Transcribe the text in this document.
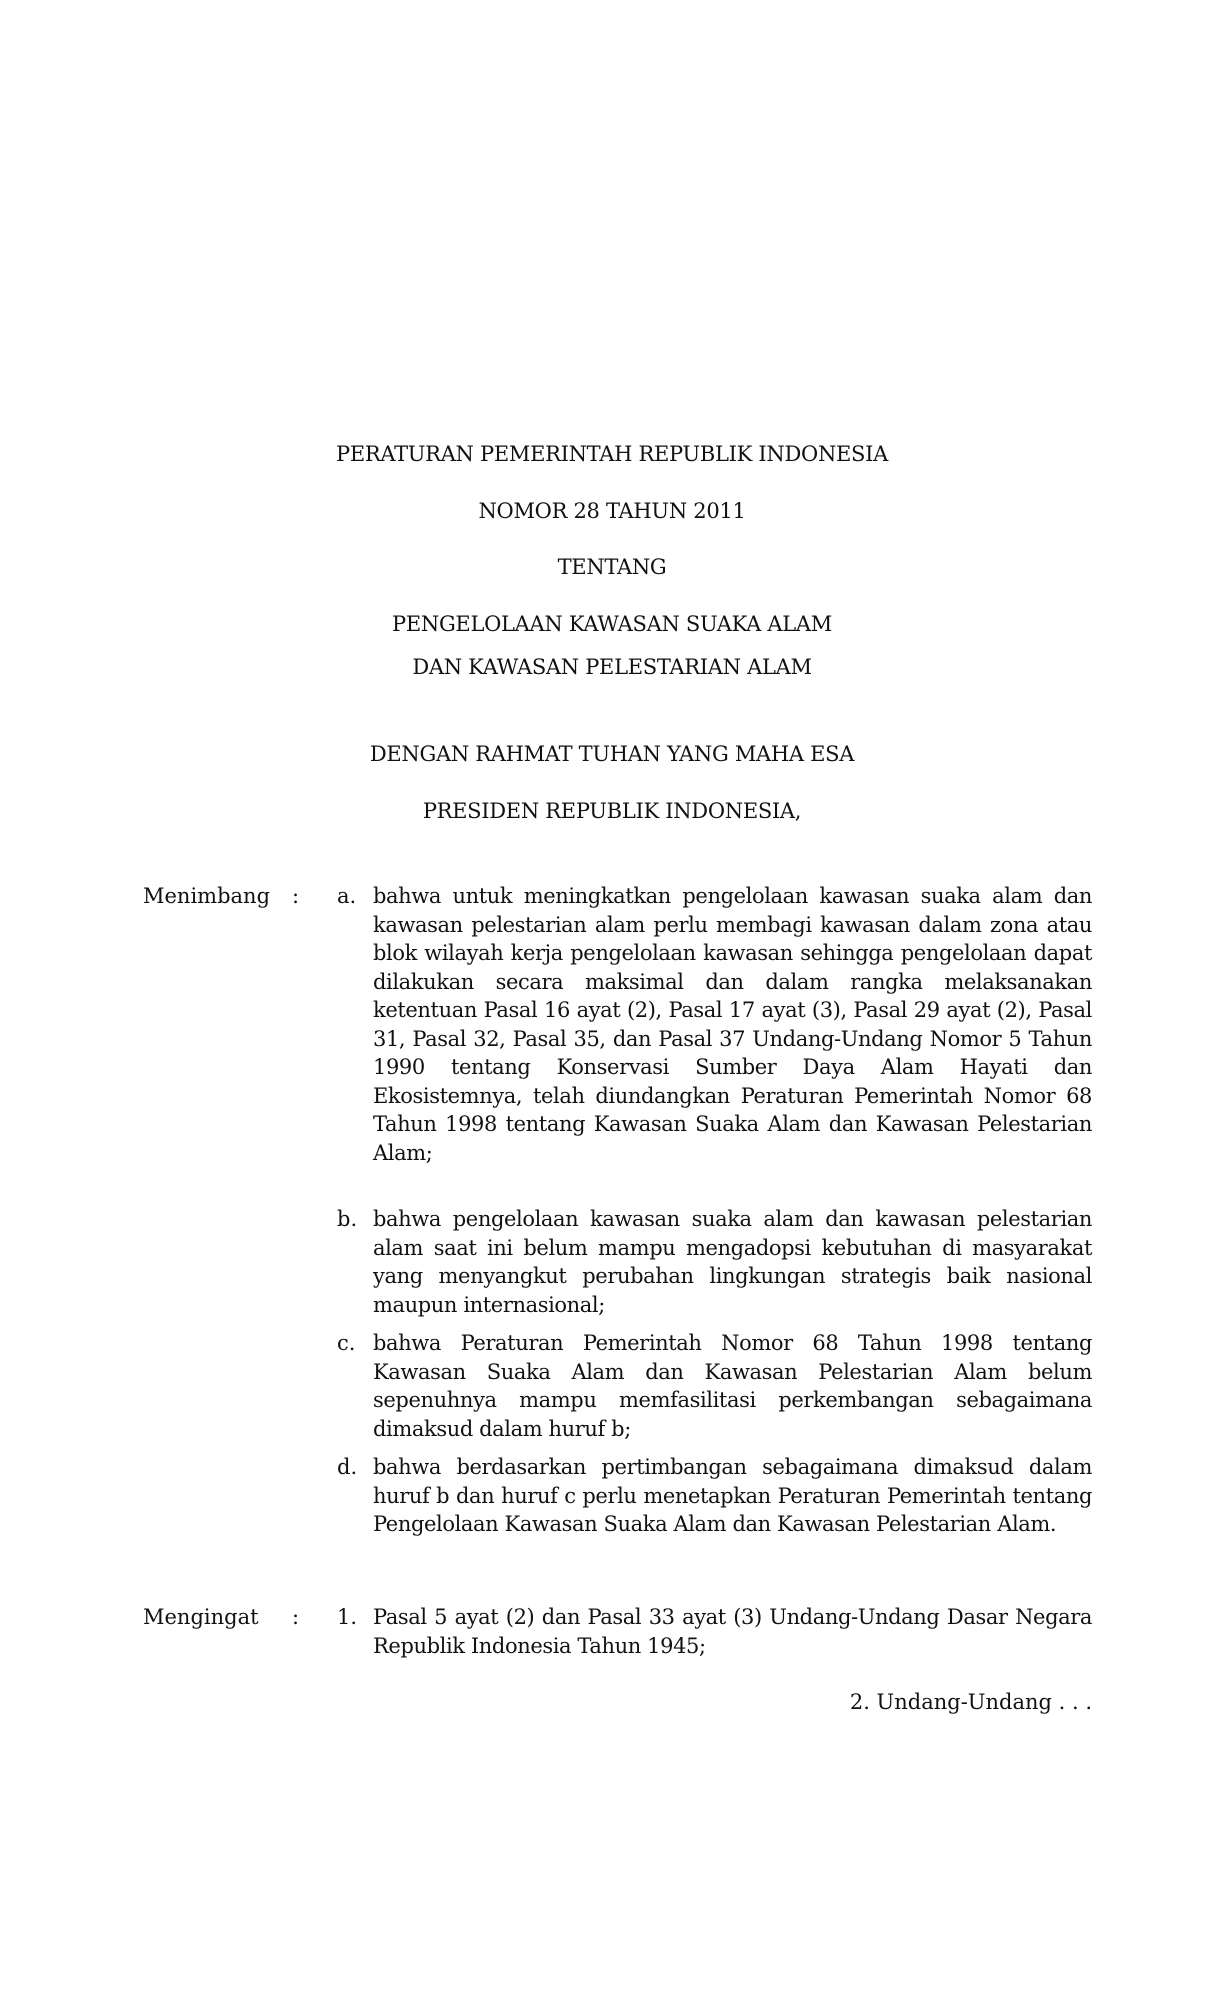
PERATURAN PEMERINTAH REPUBLIK INDONESIA
NOMOR 28 TAHUN 2011
TENTANG
PENGELOLAAN KAWASAN SUAKA ALAM
DAN KAWASAN PELESTARIAN ALAM
DENGAN RAHMAT TUHAN YANG MAHA ESA
PRESIDEN REPUBLIK INDONESIA,
Menimbang : a. bahwa untuk meningkatkan pengelolaan kawasan suaka alam dan kawasan pelestarian alam perlu membagi kawasan dalam zona atau blok wilayah kerja pengelolaan kawasan sehingga pengelolaan dapat dilakukan secara maksimal dan dalam rangka melaksanakan ketentuan Pasal 16 ayat (2), Pasal 17 ayat (3), Pasal 29 ayat (2), Pasal 31, Pasal 32, Pasal 35, dan Pasal 37 Undang-Undang Nomor 5 Tahun 1990 tentang Konservasi Sumber Daya Alam Hayati dan Ekosistemnya, telah diundangkan Peraturan Pemerintah Nomor 68 Tahun 1998 tentang Kawasan Suaka Alam dan Kawasan Pelestarian Alam;
b. bahwa pengelolaan kawasan suaka alam dan kawasan pelestarian alam saat ini belum mampu mengadopsi kebutuhan di masyarakat yang menyangkut perubahan lingkungan strategis baik nasional maupun internasional;
c. bahwa Peraturan Pemerintah Nomor 68 Tahun 1998 tentang Kawasan Suaka Alam dan Kawasan Pelestarian Alam belum sepenuhnya mampu memfasilitasi perkembangan sebagaimana dimaksud dalam huruf b;
d. bahwa berdasarkan pertimbangan sebagaimana dimaksud dalam huruf b dan huruf c perlu menetapkan Peraturan Pemerintah tentang Pengelolaan Kawasan Suaka Alam dan Kawasan Pelestarian Alam.
Mengingat : 1. Pasal 5 ayat (2) dan Pasal 33 ayat (3) Undang-Undang Dasar Negara Republik Indonesia Tahun 1945;
2. Undang-Undang . . .
